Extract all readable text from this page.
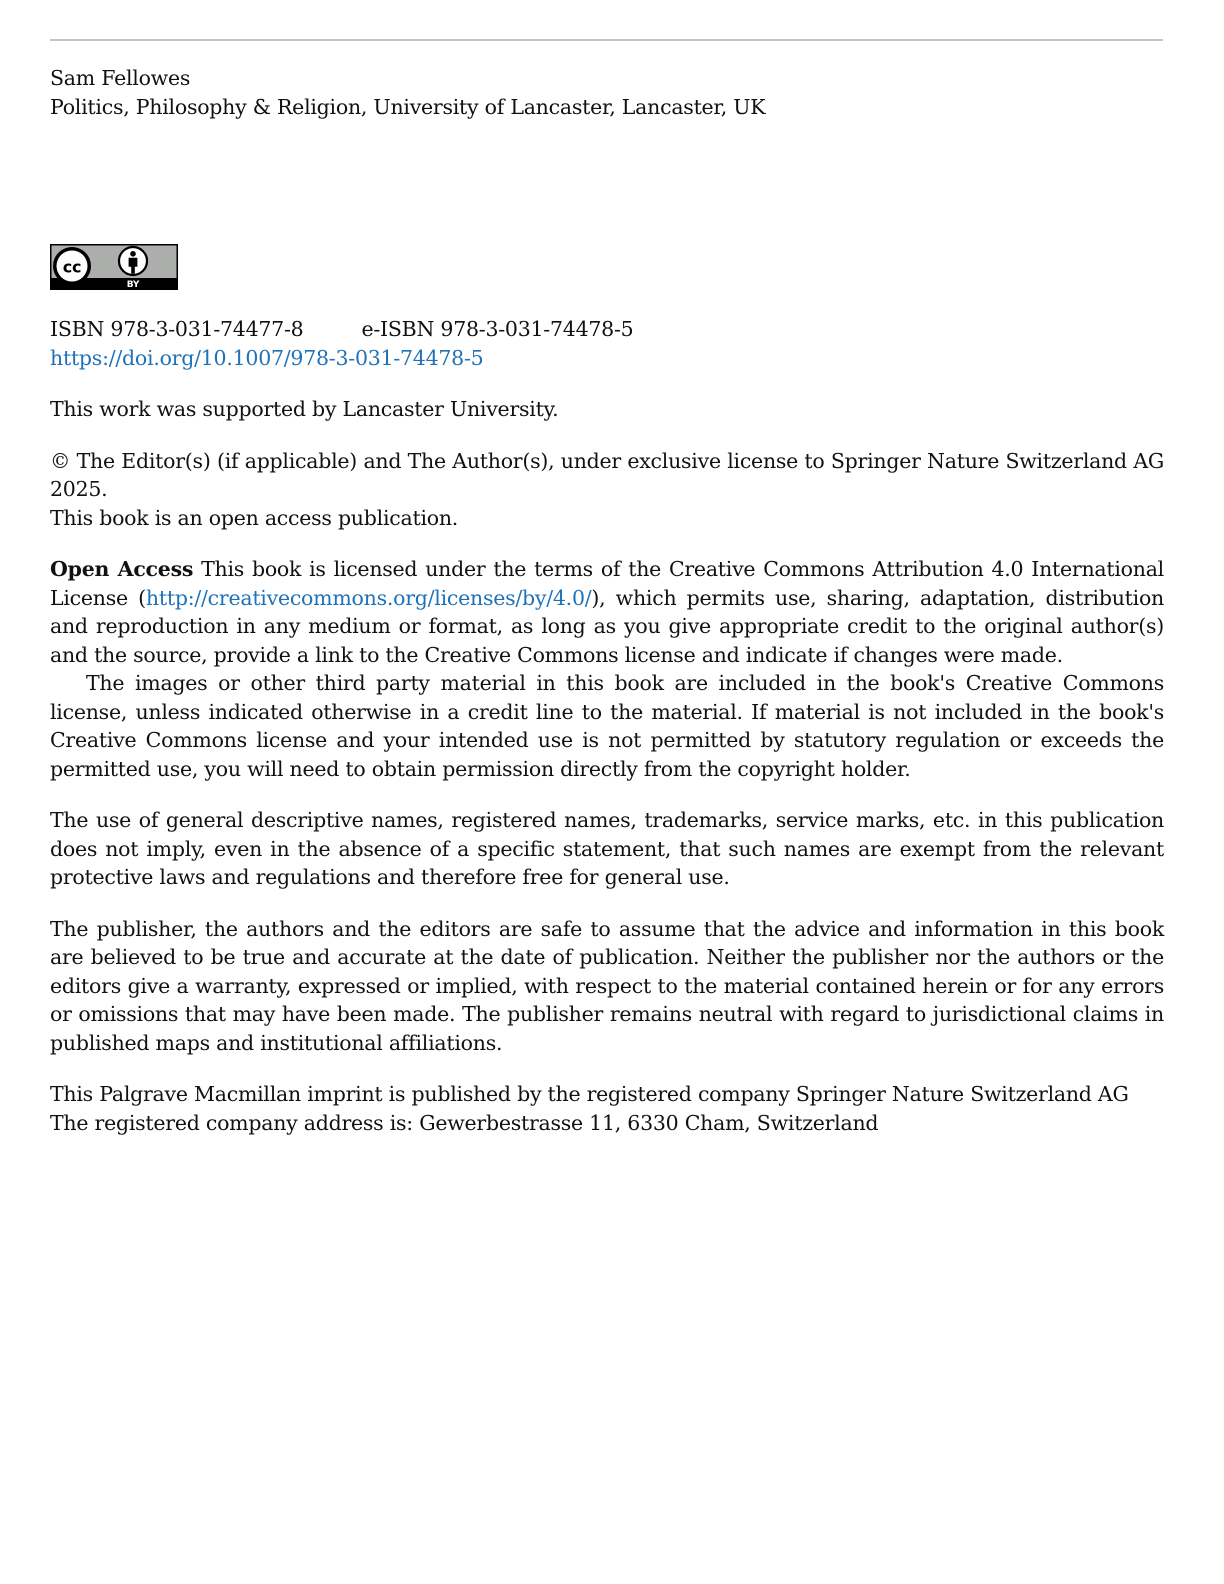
Sam Fellowes
Politics, Philosophy & Religion, University of Lancaster, Lancaster, UK
cc
BY
ISBN 978-3-031-74477-8	e-ISBN 978-3-031-74478-5
https://doi.org/10.1007/978-3-031-74478-5

This work was supported by Lancaster University.

© The Editor(s) (if applicable) and The Author(s), under exclusive license to Springer Nature Switzerland AG 2025.

This book is an open access publication.

Open Access This book is licensed under the terms of the Creative Commons Attribution 4.0 International License (http://creativecommons.org/licenses/by/4.0/), which permits use, sharing, adaptation, distribution and reproduction in any medium or format, as long as you give appropriate credit to the original author(s) and the source, provide a link to the Creative Commons license and indicate if changes were made.

The images or other third party material in this book are included in the book's Creative Commons license, unless indicated otherwise in a credit line to the material. If material is not included in the book's Creative Commons license and your intended use is not permitted by statutory regulation or exceeds the permitted use, you will need to obtain permission directly from the copyright holder.

The use of general descriptive names, registered names, trademarks, service marks, etc. in this publication does not imply, even in the absence of a specific statement, that such names are exempt from the relevant protective laws and regulations and therefore free for general use.

The publisher, the authors and the editors are safe to assume that the advice and information in this book are believed to be true and accurate at the date of publication. Neither the publisher nor the authors or the editors give a warranty, expressed or implied, with respect to the material contained herein or for any errors or omissions that may have been made. The publisher remains neutral with regard to jurisdictional claims in published maps and institutional affiliations.

This Palgrave Macmillan imprint is published by the registered company Springer Nature Switzerland AG

The registered company address is: Gewerbestrasse 11, 6330 Cham, Switzerland
